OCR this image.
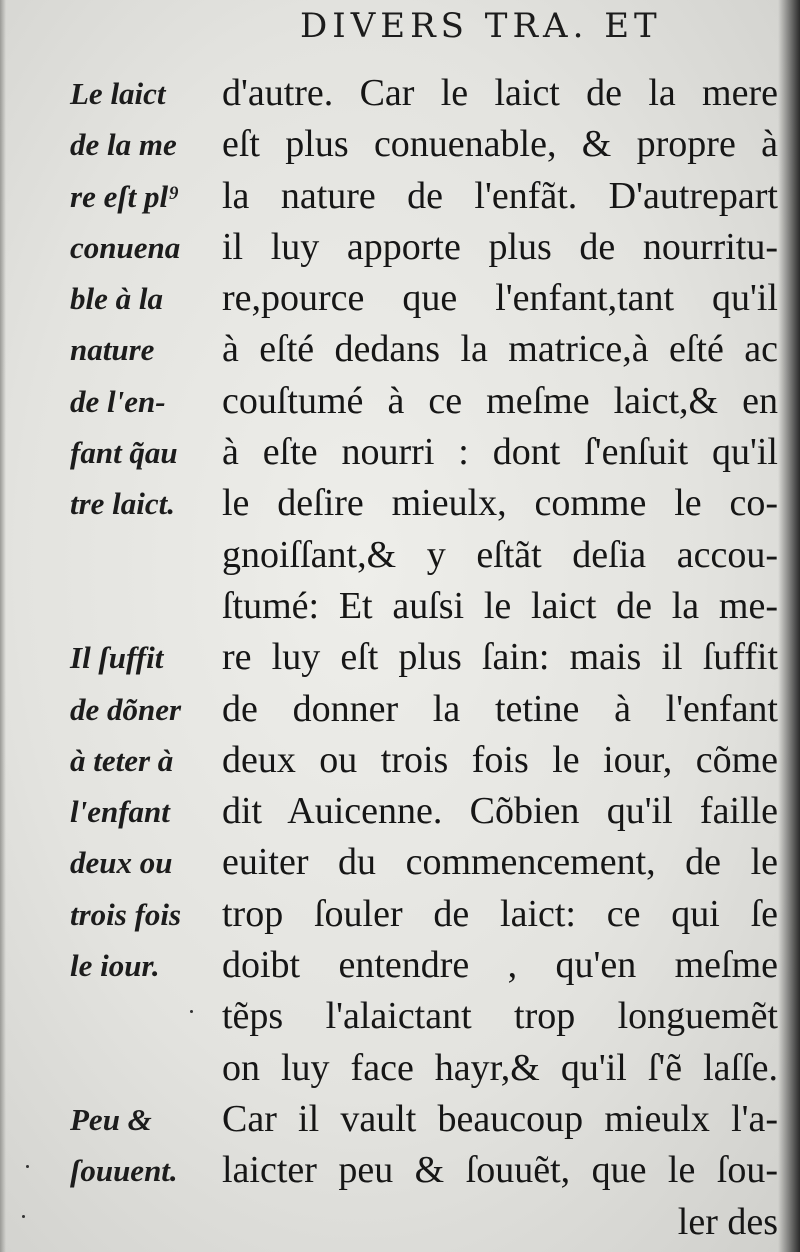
DIVERS TRA. ET
Le laict
de la me
re eſt pl⁹
conuena
ble à la
nature
de l'en-
fant q̃au
tre laict.
Il ſuffit
de dõner
à teter à
l'enfant
deux ou
trois fois
le iour.
Peu &
ſouuent.
d'autre. Car le laict de la mere
eſt plus conuenable, & propre à
la nature de l'enfãt. D'autrepart
il luy apporte plus de nourritu-
re,pource que l'enfant,tant qu'il
à eſté dedans la matrice,à eſté ac
couſtumé à ce meſme laict,& en
à eſte nourri : dont ſ'enſuit qu'il
le deſire mieulx, comme le co-
gnoiſſant,& y eſtãt deſia accou-
ſtumé: Et auſsi le laict de la me-
re luy eſt plus ſain: mais il ſuffit
de donner la tetine à l'enfant
deux ou trois fois le iour, cõme
dit Auicenne. Cõbien qu'il faille
euiter du commencement, de le
trop ſouler de laict: ce qui ſe
doibt entendre , qu'en meſme
tẽps l'alaictant trop longuemẽt
on luy face hayr,& qu'il ſ'ẽ laſſe.
Car il vault beaucoup mieulx l'a-
laicter peu & ſouuẽt, que le ſou-
ler des
